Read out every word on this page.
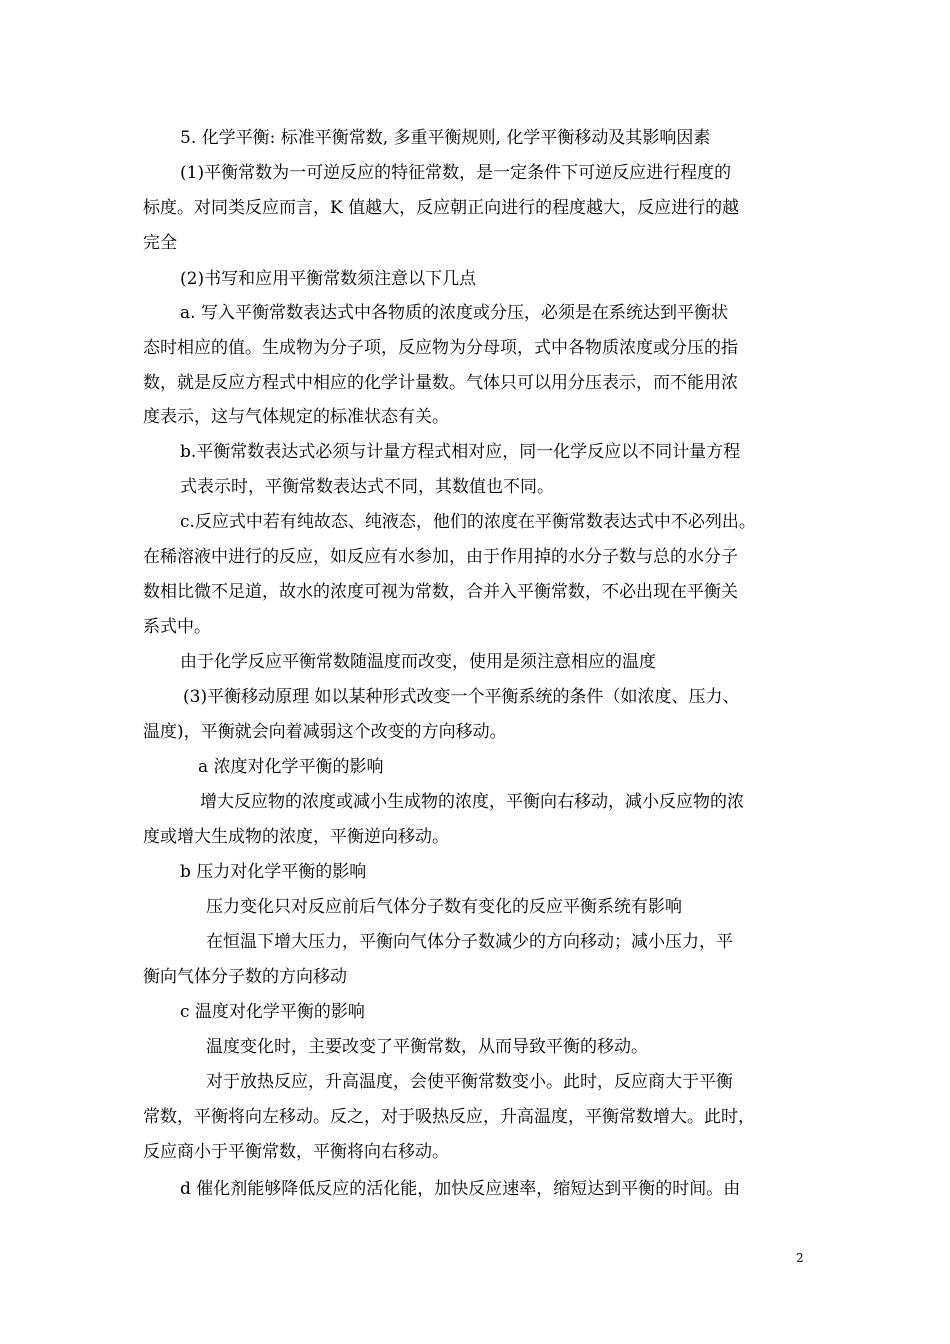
5. 化学平衡: 标准平衡常数, 多重平衡规则, 化学平衡移动及其影响因素
(1)平衡常数为一可逆反应的特征常数，是一定条件下可逆反应进行程度的
标度。对同类反应而言，K 值越大，反应朝正向进行的程度越大，反应进行的越
完全
(2)书写和应用平衡常数须注意以下几点
a. 写入平衡常数表达式中各物质的浓度或分压，必须是在系统达到平衡状
态时相应的值。生成物为分子项，反应物为分母项，式中各物质浓度或分压的指
数，就是反应方程式中相应的化学计量数。气体只可以用分压表示，而不能用浓
度表示，这与气体规定的标准状态有关。
b.平衡常数表达式必须与计量方程式相对应，同一化学反应以不同计量方程
式表示时，平衡常数表达式不同，其数值也不同。
c.反应式中若有纯故态、纯液态，他们的浓度在平衡常数表达式中不必列出。
在稀溶液中进行的反应，如反应有水参加，由于作用掉的水分子数与总的水分子
数相比微不足道，故水的浓度可视为常数，合并入平衡常数，不必出现在平衡关
系式中。
由于化学反应平衡常数随温度而改变，使用是须注意相应的温度
(3)平衡移动原理 如以某种形式改变一个平衡系统的条件（如浓度、压力、
温度)，平衡就会向着减弱这个改变的方向移动。
a 浓度对化学平衡的影响
增大反应物的浓度或减小生成物的浓度，平衡向右移动，减小反应物的浓
度或增大生成物的浓度，平衡逆向移动。
b 压力对化学平衡的影响
压力变化只对反应前后气体分子数有变化的反应平衡系统有影响
在恒温下增大压力，平衡向气体分子数减少的方向移动；减小压力，平
衡向气体分子数的方向移动
c 温度对化学平衡的影响
温度变化时，主要改变了平衡常数，从而导致平衡的移动。
对于放热反应，升高温度，会使平衡常数变小。此时，反应商大于平衡
常数，平衡将向左移动。反之，对于吸热反应，升高温度，平衡常数增大。此时，
反应商小于平衡常数，平衡将向右移动。
d 催化剂能够降低反应的活化能，加快反应速率，缩短达到平衡的时间。由
2
